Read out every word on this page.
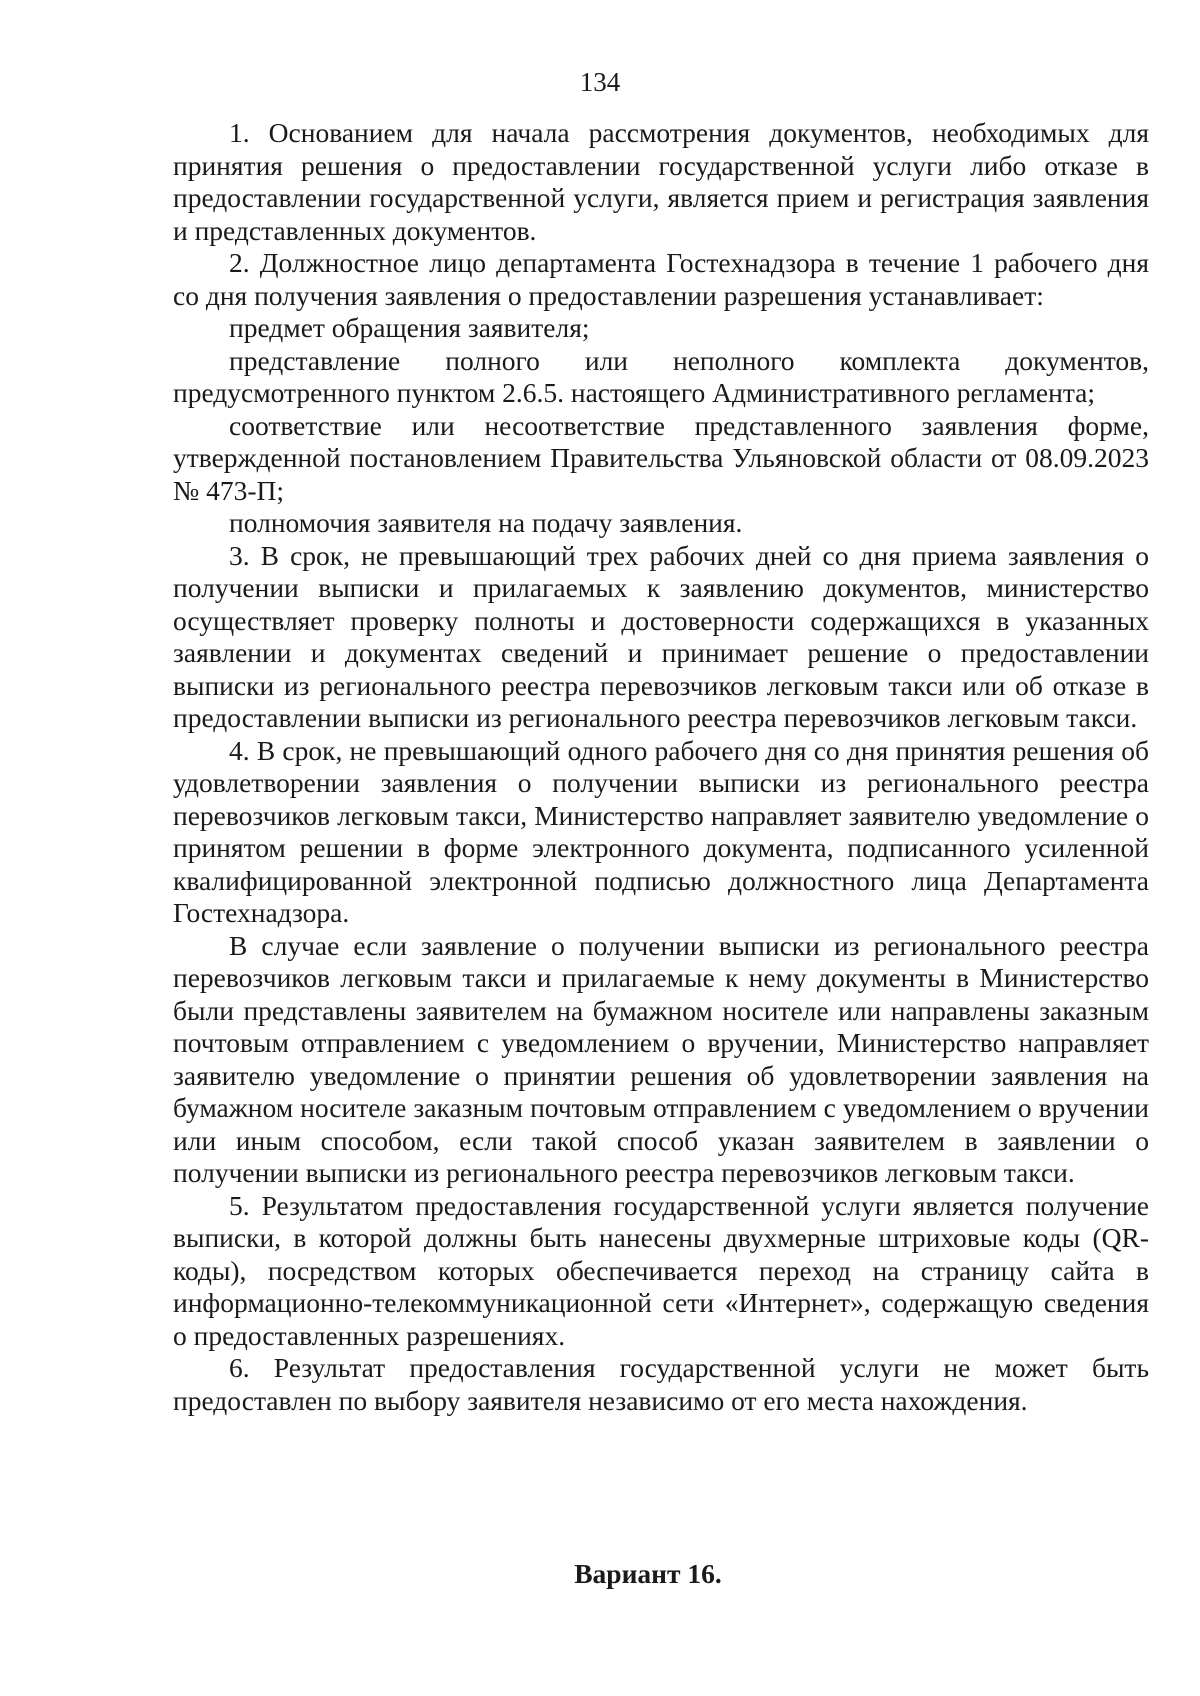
134

1. Основанием для начала рассмотрения документов, необходимых для принятия решения о предоставлении государственной услуги либо отказе в предоставлении государственной услуги, является прием и регистрация заявления и представленных документов.

2. Должностное лицо департамента Гостехнадзора в течение 1 рабочего дня со дня получения заявления о предоставлении разрешения устанавливает:

предмет обращения заявителя;

представление полного или неполного комплекта документов, предусмотренного пунктом 2.6.5. настоящего Административного регламента;

соответствие или несоответствие представленного заявления форме, утвержденной постановлением Правительства Ульяновской области от 08.09.2023 № 473-П;

полномочия заявителя на подачу заявления.

3. В срок, не превышающий трех рабочих дней со дня приема заявления о получении выписки и прилагаемых к заявлению документов, министерство осуществляет проверку полноты и достоверности содержащихся в указанных заявлении и документах сведений и принимает решение о предоставлении выписки из регионального реестра перевозчиков легковым такси или об отказе в предоставлении выписки из регионального реестра перевозчиков легковым такси.

4. В срок, не превышающий одного рабочего дня со дня принятия решения об удовлетворении заявления о получении выписки из регионального реестра перевозчиков легковым такси, Министерство направляет заявителю уведомление о принятом решении в форме электронного документа, подписанного усиленной квалифицированной электронной подписью должностного лица Департамента Гостехнадзора.

В случае если заявление о получении выписки из регионального реестра перевозчиков легковым такси и прилагаемые к нему документы в Министерство были представлены заявителем на бумажном носителе или направлены заказным почтовым отправлением с уведомлением о вручении, Министерство направляет заявителю уведомление о принятии решения об удовлетворении заявления на бумажном носителе заказным почтовым отправлением с уведомлением о вручении или иным способом, если такой способ указан заявителем в заявлении о получении выписки из регионального реестра перевозчиков легковым такси.

5. Результатом предоставления государственной услуги является получение выписки, в которой должны быть нанесены двухмерные штриховые коды (QR-коды), посредством которых обеспечивается переход на страницу сайта в информационно-телекоммуникационной сети «Интернет», содержащую сведения о предоставленных разрешениях.

6. Результат предоставления государственной услуги не может быть предоставлен по выбору заявителя независимо от его места нахождения.

Вариант 16.
